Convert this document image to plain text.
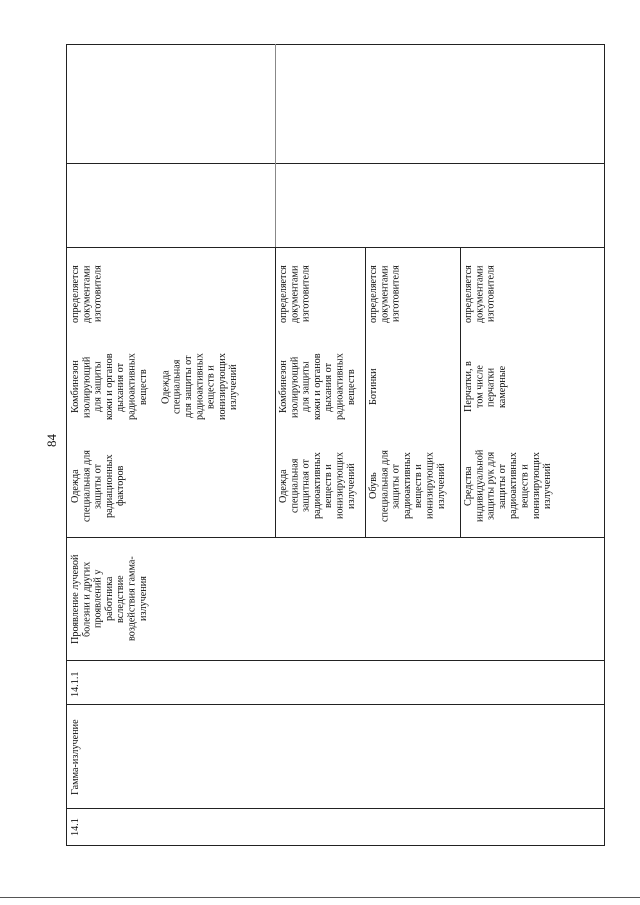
84
14.1
Гамма-излучение
14.1.1
Проявление лучевой
болезни и других
проявлений у
работника
вследствие
воздействия гамма-
излучения
Одежда
специальная для
защиты от
радиационных
факторов
Комбинезон
изолирующий
для защиты
кожи и органов
дыхания от
радиоактивных
веществ

Одежда
специальная
для защиты от
радиоактивных
веществ и
ионизирующих
излучений
определяется
документами
изготовителя
Одежда
специальная
защитная от
радиоактивных
веществ и
ионизирующих
излучений
Комбинезон
изолирующий
для защиты
кожи и органов
дыхания от
радиоактивных
веществ
определяется
документами
изготовителя
Обувь
специальная для
защиты от
радиоактивных
веществ и
ионизирующих
излучений
Ботинки
определяется
документами
изготовителя
Средства
индивидуальной
защиты рук для
защиты от
радиоактивных
веществ и
ионизирующих
излучений
Перчатки, в
том числе
перчатки
камерные
определяется
документами
изготовителя
